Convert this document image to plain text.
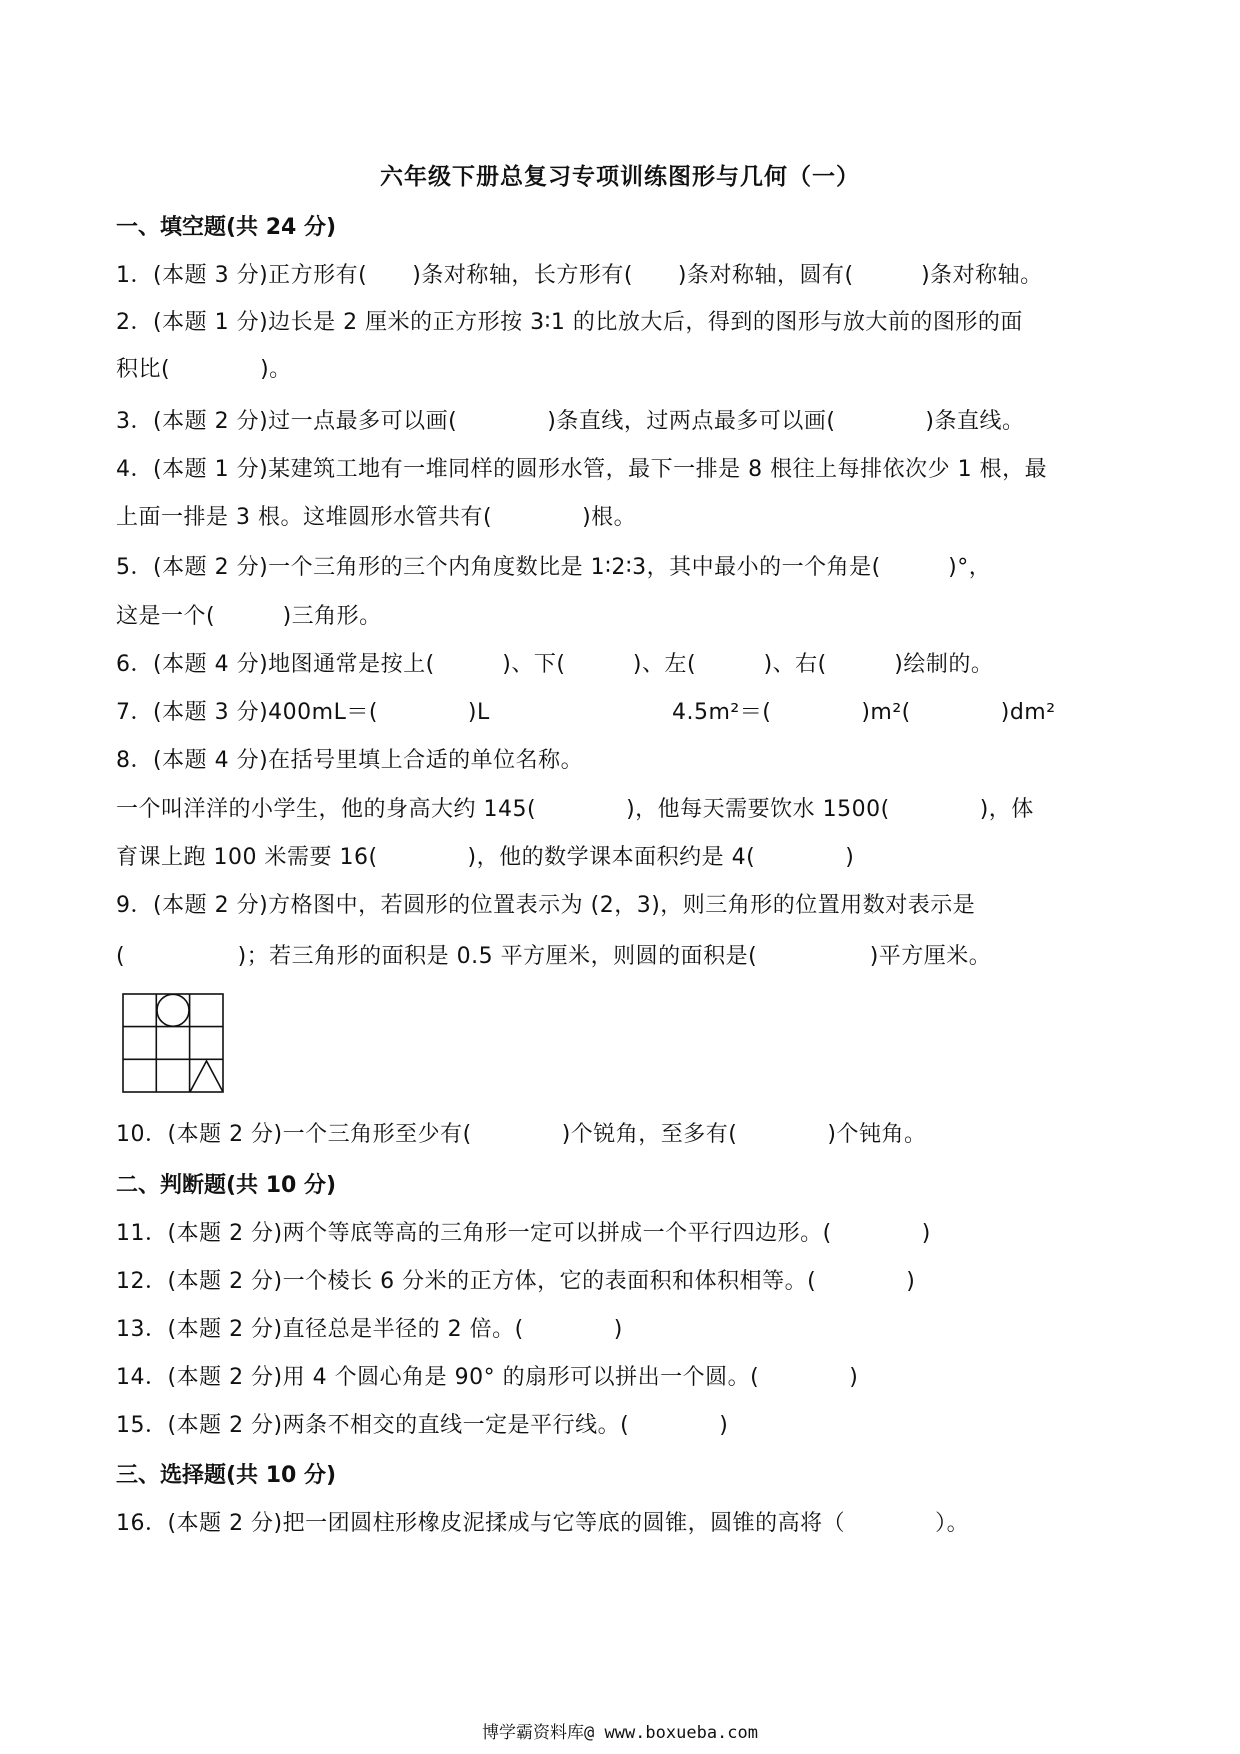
六年级下册总复习专项训练图形与几何（一）
一、填空题(共 24 分)
1．(本题 3 分)正方形有(　　)条对称轴，长方形有(　　)条对称轴，圆有(　　　)条对称轴。
2．(本题 1 分)边长是 2 厘米的正方形按 3∶1 的比放大后，得到的图形与放大前的图形的面
积比(　　　　)。
3．(本题 2 分)过一点最多可以画(　　　　)条直线，过两点最多可以画(　　　　)条直线。
4．(本题 1 分)某建筑工地有一堆同样的圆形水管，最下一排是 8 根往上每排依次少 1 根，最
上面一排是 3 根。这堆圆形水管共有(　　　　)根。
5．(本题 2 分)一个三角形的三个内角度数比是 1∶2∶3，其中最小的一个角是(　　　)°，
这是一个(　　　)三角形。
6．(本题 4 分)地图通常是按上(　　　)、下(　　　)、左(　　　)、右(　　　)绘制的。
7．(本题 3 分)400mL＝(　　　　)L	4.5m²＝(　　　　)m²(　　　　)dm²
8．(本题 4 分)在括号里填上合适的单位名称。
一个叫洋洋的小学生，他的身高大约 145(　　　　)，他每天需要饮水 1500(　　　　)，体
育课上跑 100 米需要 16(　　　　)，他的数学课本面积约是 4(　　　　)
9．(本题 2 分)方格图中，若圆形的位置表示为 (2，3)，则三角形的位置用数对表示是
(　　　　　)；若三角形的面积是 0.5 平方厘米，则圆的面积是(　　　　　)平方厘米。
10．(本题 2 分)一个三角形至少有(　　　　)个锐角，至多有(　　　　)个钝角。
二、判断题(共 10 分)
11．(本题 2 分)两个等底等高的三角形一定可以拼成一个平行四边形。(　　　　)
12．(本题 2 分)一个棱长 6 分米的正方体，它的表面积和体积相等。(　　　　)
13．(本题 2 分)直径总是半径的 2 倍。(　　　　)
14．(本题 2 分)用 4 个圆心角是 90° 的扇形可以拼出一个圆。(　　　　)
15．(本题 2 分)两条不相交的直线一定是平行线。(　　　　)
三、选择题(共 10 分)
16．(本题 2 分)把一团圆柱形橡皮泥揉成与它等底的圆锥，圆锥的高将（　　　　）。
博学霸资料库@ www.boxueba.com
